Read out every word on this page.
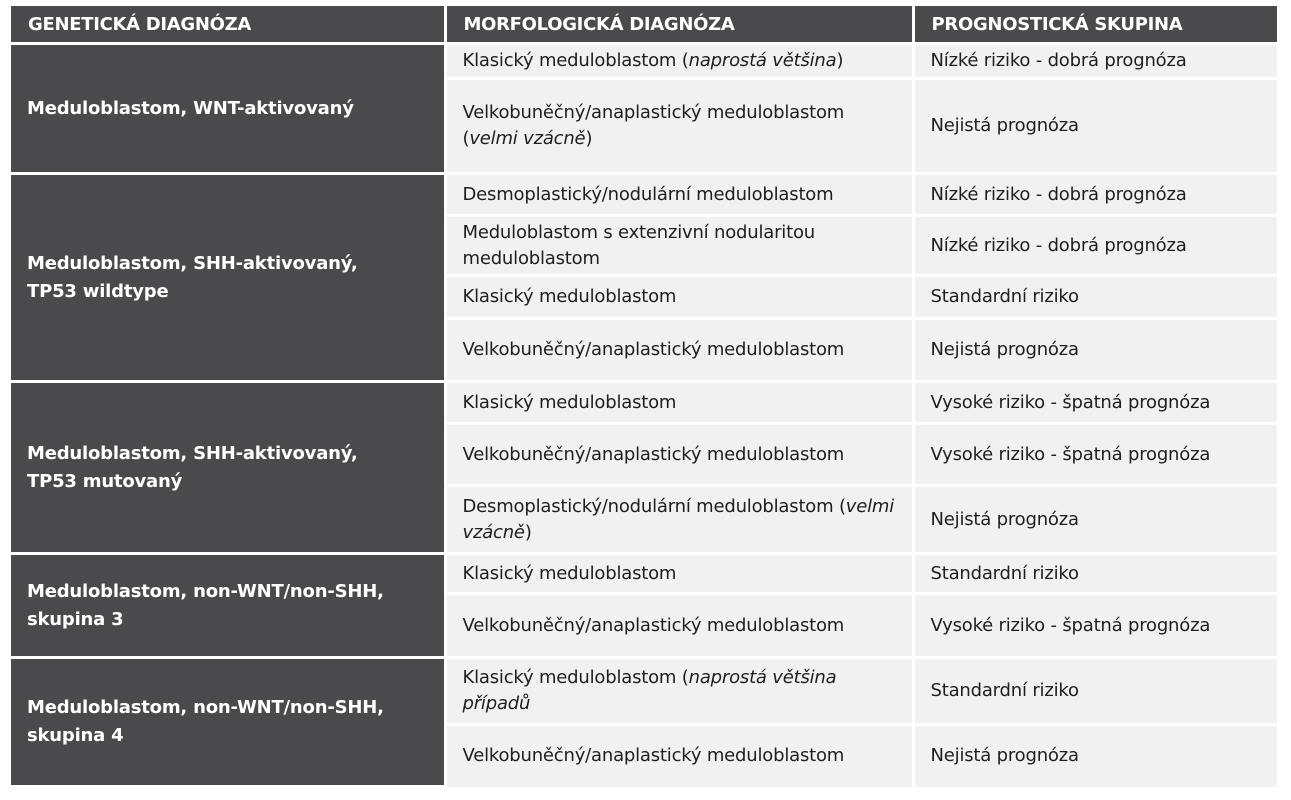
GENETICKÁ DIAGNÓZA	MORFOLOGICKÁ DIAGNÓZA	PROGNOSTICKÁ SKUPINA
Meduloblastom, WNT-aktivovaný	Klasický meduloblastom (naprostá většina)	Nízké riziko - dobrá prognóza
	Velkobuněčný/anaplastický meduloblastom (velmi vzácně)	Nejistá prognóza
Meduloblastom, SHH-aktivovaný,
TP53 wildtype	Desmoplastický/nodulární meduloblastom	Nízké riziko - dobrá prognóza
	Meduloblastom s extenzivní nodularitou meduloblastom	Nízké riziko - dobrá prognóza
	Klasický meduloblastom	Standardní riziko
	Velkobuněčný/anaplastický meduloblastom	Nejistá prognóza
Meduloblastom, SHH-aktivovaný,
TP53 mutovaný	Klasický meduloblastom	Vysoké riziko - špatná prognóza
	Velkobuněčný/anaplastický meduloblastom	Vysoké riziko - špatná prognóza
	Desmoplastický/nodulární meduloblastom (velmi vzácně)	Nejistá prognóza
Meduloblastom, non-WNT/non-SHH,
skupina 3	Klasický meduloblastom	Standardní riziko
	Velkobuněčný/anaplastický meduloblastom	Vysoké riziko - špatná prognóza
Meduloblastom, non-WNT/non-SHH,
skupina 4	Klasický meduloblastom (naprostá většina případů	Standardní riziko
	Velkobuněčný/anaplastický meduloblastom	Nejistá prognóza
